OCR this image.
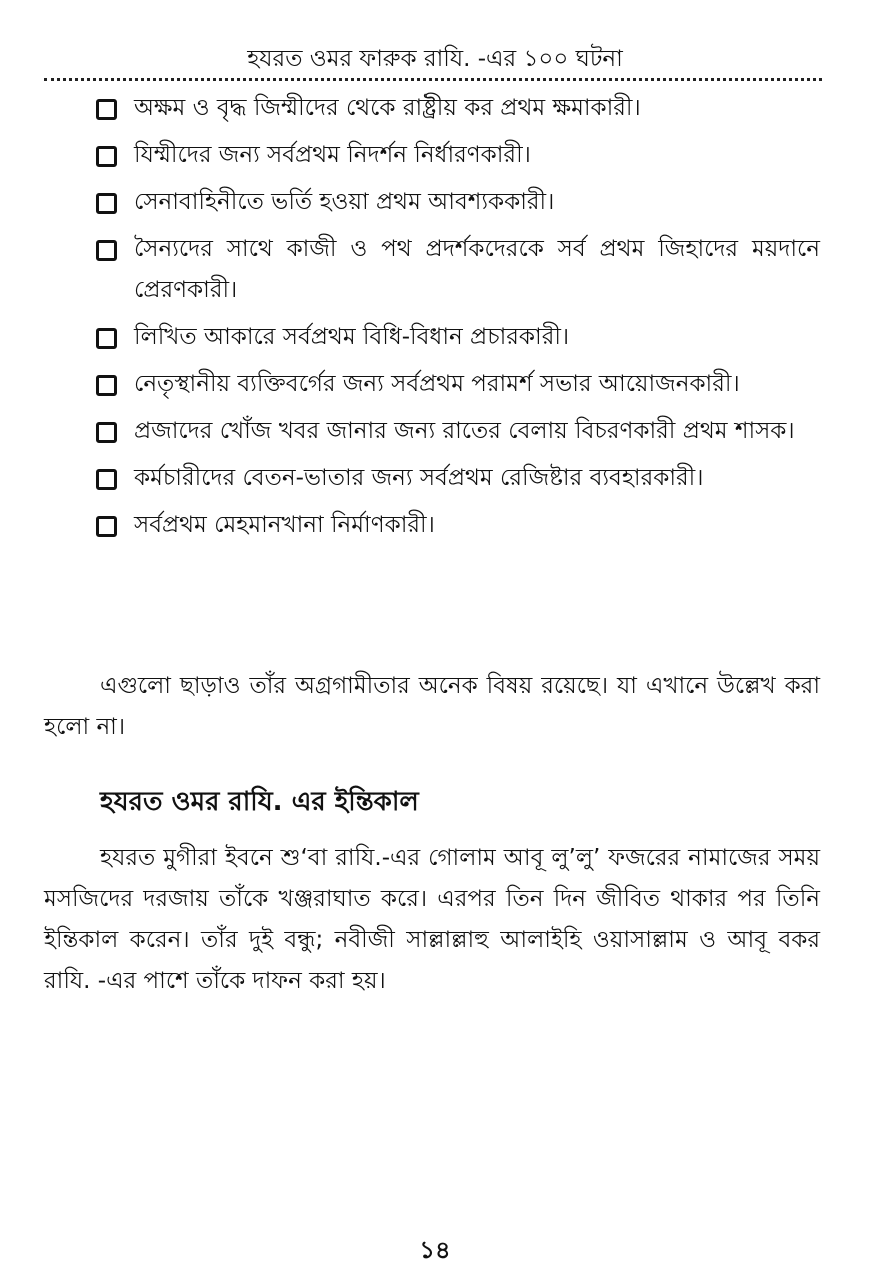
হযরত ওমর ফারুক রাযি. -এর ১০০ ঘটনা
অক্ষম ও বৃদ্ধ জিম্মীদের থেকে রাষ্ট্রীয় কর প্রথম ক্ষমাকারী।
যিম্মীদের জন্য সর্বপ্রথম নিদর্শন নির্ধারণকারী।
সেনাবাহিনীতে ভর্তি হওয়া প্রথম আবশ্যককারী।
সৈন্যদের সাথে কাজী ও পথ প্রদর্শকদেরকে সর্ব প্রথম জিহাদের ময়দানে প্রেরণকারী।
লিখিত আকারে সর্বপ্রথম বিধি-বিধান প্রচারকারী।
নেতৃস্থানীয় ব্যক্তিবর্গের জন্য সর্বপ্রথম পরামর্শ সভার আয়োজনকারী।
প্রজাদের খোঁজ খবর জানার জন্য রাতের বেলায় বিচরণকারী প্রথম শাসক।
কর্মচারীদের বেতন-ভাতার জন্য সর্বপ্রথম রেজিষ্টার ব্যবহারকারী।
সর্বপ্রথম মেহমানখানা নির্মাণকারী।

এগুলো ছাড়াও তাঁর অগ্রগামীতার অনেক বিষয় রয়েছে। যা এখানে উল্লেখ করা হলো না।

হযরত ওমর রাযি. এর ইন্তিকাল

হযরত মুগীরা ইবনে শু‘বা রাযি.-এর গোলাম আবূ লু’লু’ ফজরের নামাজের সময় মসজিদের দরজায় তাঁকে খঞ্জরাঘাত করে। এরপর তিন দিন জীবিত থাকার পর তিনি ইন্তিকাল করেন। তাঁর দুই বন্ধু; নবীজী সাল্লাল্লাহু আলাইহি ওয়াসাল্লাম ও আবূ বকর রাযি. -এর পাশে তাঁকে দাফন করা হয়।

১৪
